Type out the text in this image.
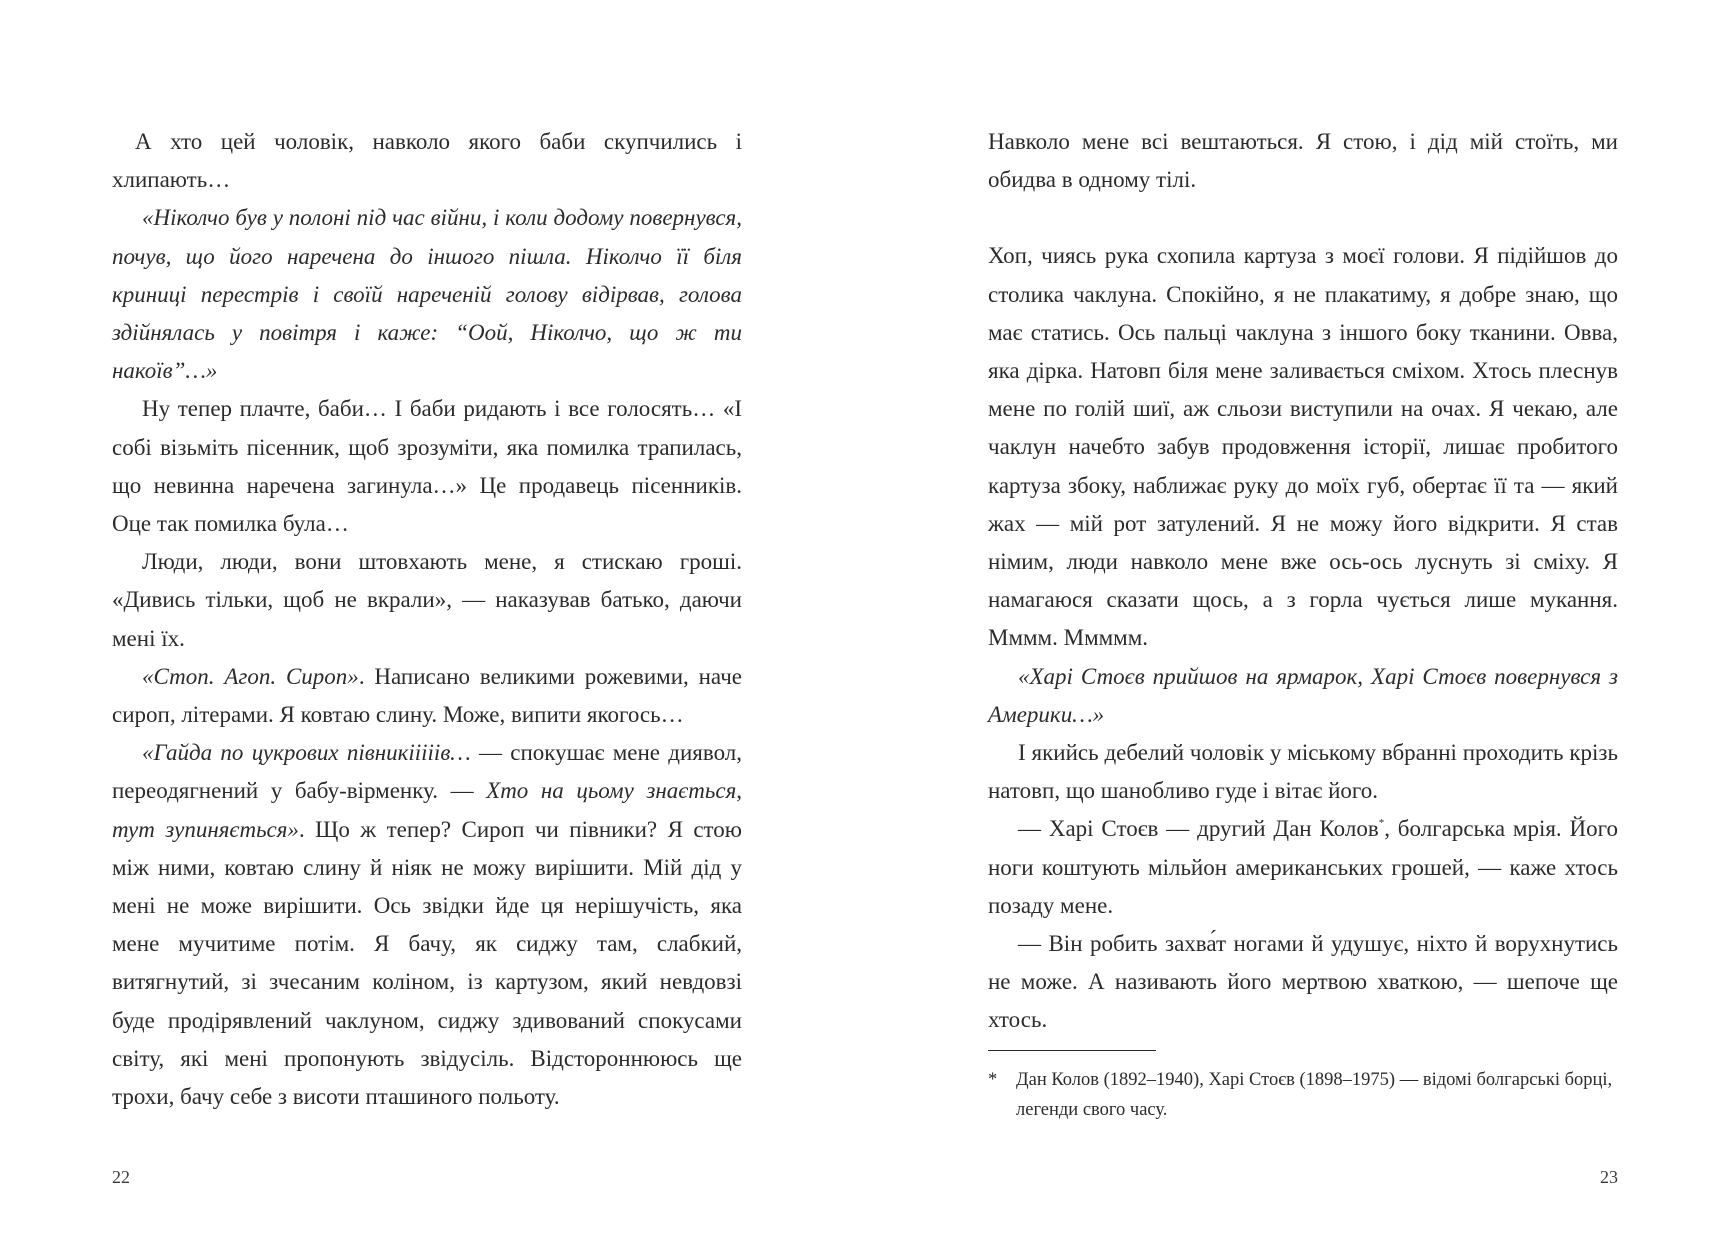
 А хто цей чоловік, навколо якого баби скупчились і хлипають…

«Ніколчо був у полоні під час війни, і коли додому повернувся, почув, що його наречена до іншого пішла. Ніколчо її біля криниці перестрів і своїй нареченій голову відірвав, голова здійнялась у повітря і каже: “Оой, Ніколчо, що ж ти накоїв”…»

Ну тепер плачте, баби… І баби ридають і все голосять… «І собі візьміть пісенник, щоб зрозуміти, яка помилка трапилась, що невинна наречена загинула…» Це продавець пісенників. Оце так помилка була…

Люди, люди, вони штовхають мене, я стискаю гроші. «Дивись тільки, щоб не вкрали», — наказував батько, даючи мені їх.

«Стоп. Агоп. Сироп». Написано великими рожевими, наче сироп, літерами. Я ковтаю слину. Може, випити якогось…

«Гайда по цукрових півникііііів… — спокушає мене диявол, переодягнений у бабу-вірменку. — Хто на цьому знається, тут зупиняється». Що ж тепер? Сироп чи півники? Я стою між ними, ковтаю слину й ніяк не можу вирішити. Мій дід у мені не може вирішити. Ось звідки йде ця нерішучість, яка мене мучитиме потім. Я бачу, як сиджу там, слабкий, витягнутий, зі зчесаним коліном, із картузом, який невдовзі буде продірявлений чаклуном, сиджу здивований спокусами світу, які мені пропонують звідусіль. Відстороннююсь ще трохи, бачу себе з висоти пташиного польоту.

22

Навколо мене всі вештаються. Я стою, і дід мій стоїть, ми обидва в одному тілі.

Хоп, чиясь рука схопила картуза з моєї голови. Я підійшов до столика чаклуна. Спокійно, я не плакатиму, я добре знаю, що має статись. Ось пальці чаклуна з іншого боку тканини. Овва, яка дірка. Натовп біля мене заливається сміхом. Хтось плеснув мене по голій шиї, аж сльози виступили на очах. Я чекаю, але чаклун начебто забув продовження історії, лишає пробитого картуза збоку, наближає руку до моїх губ, обертає її та — який жах — мій рот затулений. Я не можу його відкрити. Я став німим, люди навколо мене вже ось-ось луснуть зі сміху. Я намагаюся сказати щось, а з горла чується лише мукання. Мммм. Ммммм.

«Харі Стоєв прийшов на ярмарок, Харі Стоєв повернувся з Америки…»

І якийсь дебелий чоловік у міському вбранні проходить крізь натовп, що шанобливо гуде і вітає його.

— Харі Стоєв — другий Дан Колов*, болгарська мрія. Його ноги коштують мільйон американських грошей, — каже хтось позаду мене.

— Він робить захва́т ногами й удушує, ніхто й ворухнутись не може. А називають його мертвою хваткою, — шепоче ще хтось.

*	Дан Колов (1892–1940), Харі Стоєв (1898–1975) — відомі болгарські борці, легенди свого часу.
23
